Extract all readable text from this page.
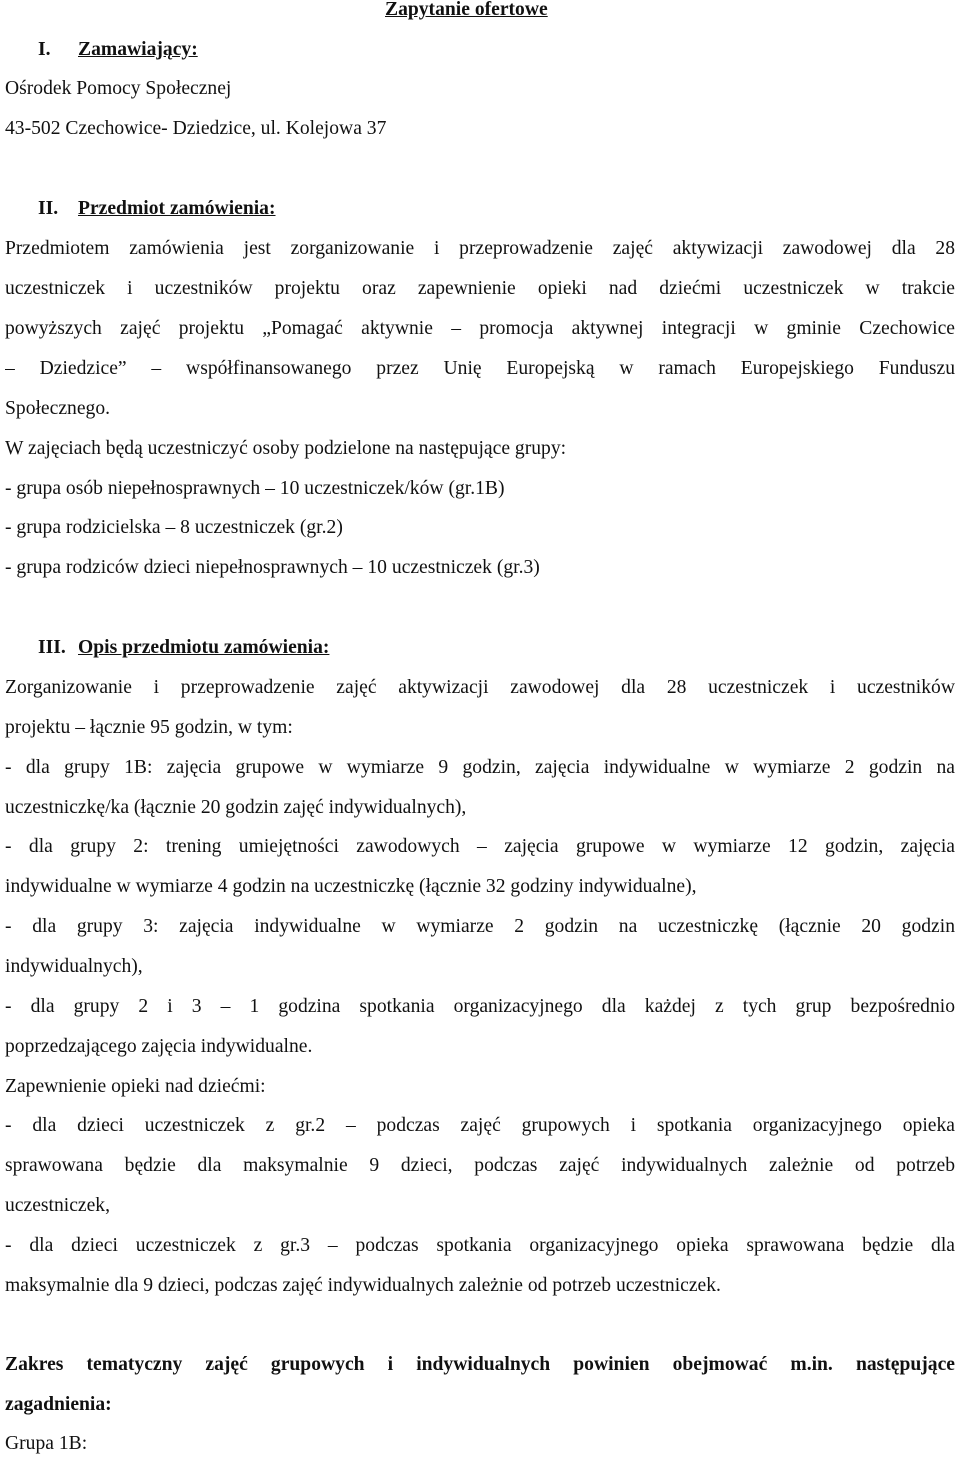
Zapytanie ofertowe
I. Zamawiający:
Ośrodek Pomocy Społecznej
43-502 Czechowice- Dziedzice, ul. Kolejowa 37
II. Przedmiot zamówienia:
Przedmiotem zamówienia jest zorganizowanie i przeprowadzenie zajęć aktywizacji zawodowej dla 28
uczestniczek i uczestników projektu oraz zapewnienie opieki nad dziećmi uczestniczek w trakcie
powyższych zajęć projektu „Pomagać aktywnie – promocja aktywnej integracji w gminie Czechowice
– Dziedzice” – współfinansowanego przez Unię Europejską w ramach Europejskiego Funduszu
Społecznego.
W zajęciach będą uczestniczyć osoby podzielone na następujące grupy:
- grupa osób niepełnosprawnych – 10 uczestniczek/ków (gr.1B)
- grupa rodzicielska – 8 uczestniczek (gr.2)
- grupa rodziców dzieci niepełnosprawnych – 10 uczestniczek (gr.3)
III. Opis przedmiotu zamówienia:
Zorganizowanie i przeprowadzenie zajęć aktywizacji zawodowej dla 28 uczestniczek i uczestników
projektu – łącznie 95 godzin, w tym:
- dla grupy 1B: zajęcia grupowe w wymiarze 9 godzin, zajęcia indywidualne w wymiarze 2 godzin na
uczestniczkę/ka (łącznie 20 godzin zajęć indywidualnych),
- dla grupy 2: trening umiejętności zawodowych – zajęcia grupowe w wymiarze 12 godzin, zajęcia
indywidualne w wymiarze 4 godzin na uczestniczkę (łącznie 32 godziny indywidualne),
- dla grupy 3: zajęcia indywidualne w wymiarze 2 godzin na uczestniczkę (łącznie 20 godzin
indywidualnych),
- dla grupy 2 i 3 – 1 godzina spotkania organizacyjnego dla każdej z tych grup bezpośrednio
poprzedzającego zajęcia indywidualne.
Zapewnienie opieki nad dziećmi:
- dla dzieci uczestniczek z gr.2 – podczas zajęć grupowych i spotkania organizacyjnego opieka
sprawowana będzie dla maksymalnie 9 dzieci, podczas zajęć indywidualnych zależnie od potrzeb
uczestniczek,
- dla dzieci uczestniczek z gr.3 – podczas spotkania organizacyjnego opieka sprawowana będzie dla
maksymalnie dla 9 dzieci, podczas zajęć indywidualnych zależnie od potrzeb uczestniczek.
Zakres tematyczny zajęć grupowych i indywidualnych powinien obejmować m.in. następujące
zagadnienia:
Grupa 1B:
